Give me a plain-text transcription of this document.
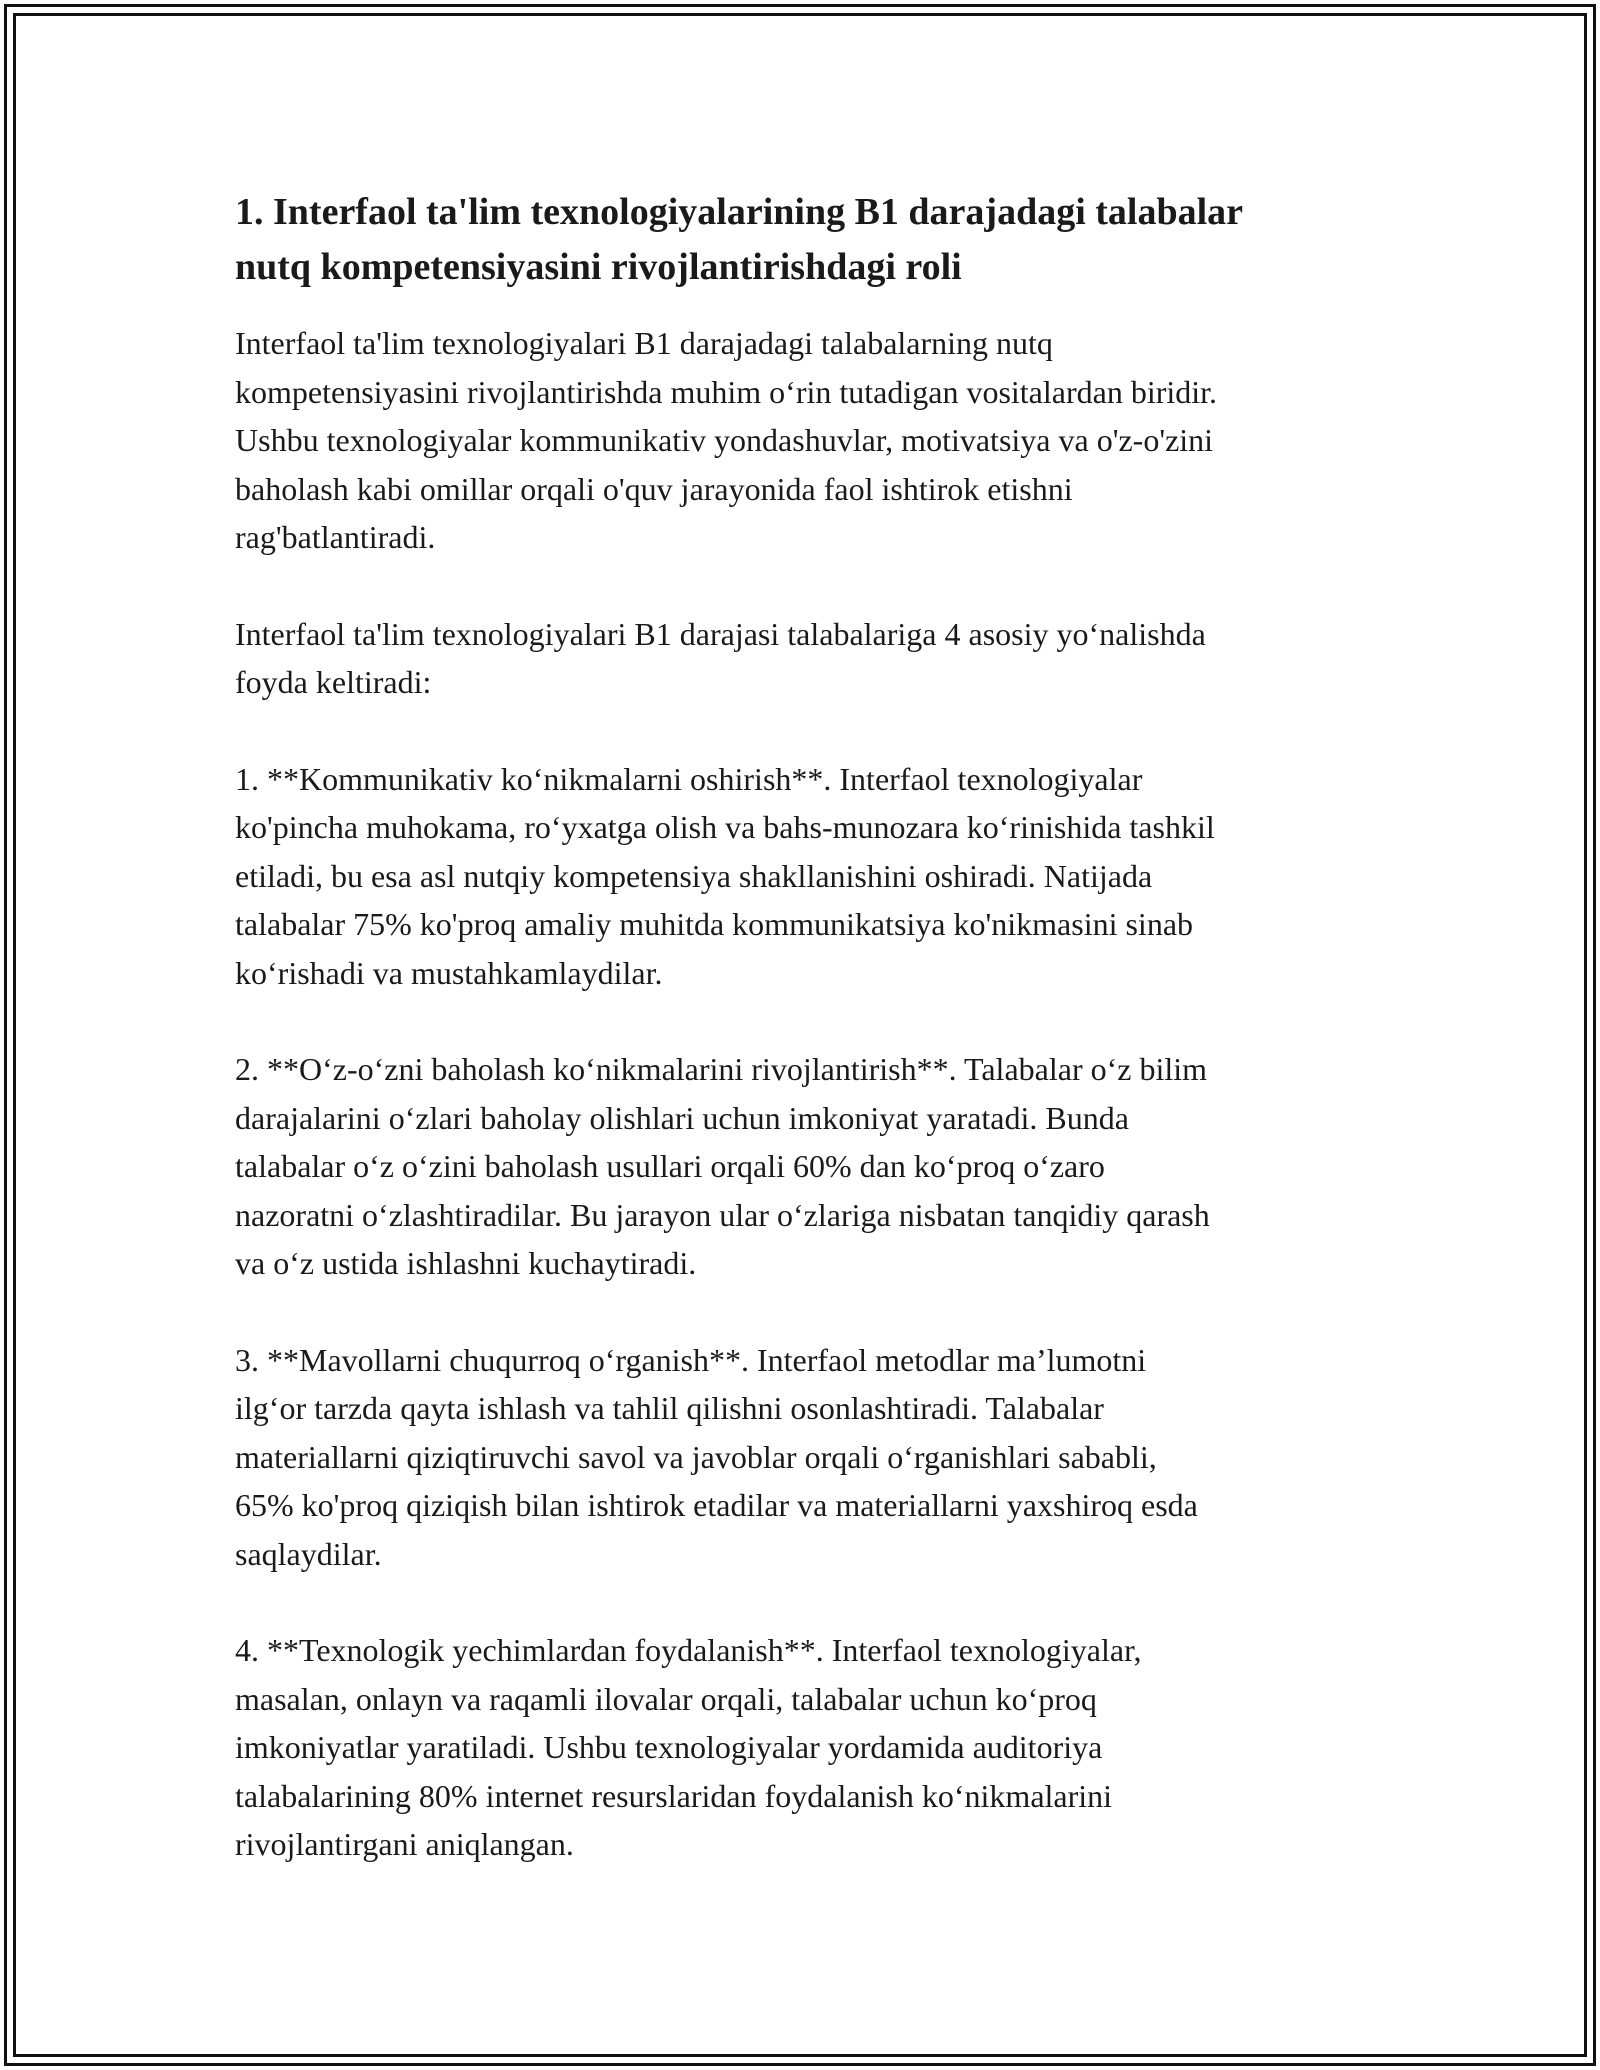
1. Interfaol ta'lim texnologiyalarining B1 darajadagi talabalar
nutq kompetensiyasini rivojlantirishdagi roli

Interfaol ta'lim texnologiyalari B1 darajadagi talabalarning nutq
kompetensiyasini rivojlantirishda muhim o‘rin tutadigan vositalardan biridir.
Ushbu texnologiyalar kommunikativ yondashuvlar, motivatsiya va o'z-o'zini
baholash kabi omillar orqali o'quv jarayonida faol ishtirok etishni
rag'batlantiradi.

Interfaol ta'lim texnologiyalari B1 darajasi talabalariga 4 asosiy yo‘nalishda
foyda keltiradi:

1. **Kommunikativ ko‘nikmalarni oshirish**. Interfaol texnologiyalar
ko'pincha muhokama, ro‘yxatga olish va bahs-munozara ko‘rinishida tashkil
etiladi, bu esa asl nutqiy kompetensiya shakllanishini oshiradi. Natijada
talabalar 75% ko'proq amaliy muhitda kommunikatsiya ko'nikmasini sinab
ko‘rishadi va mustahkamlaydilar.

2. **O‘z-o‘zni baholash ko‘nikmalarini rivojlantirish**. Talabalar o‘z bilim
darajalarini o‘zlari baholay olishlari uchun imkoniyat yaratadi. Bunda
talabalar o‘z o‘zini baholash usullari orqali 60% dan ko‘proq o‘zaro
nazoratni o‘zlashtiradilar. Bu jarayon ular o‘zlariga nisbatan tanqidiy qarash
va o‘z ustida ishlashni kuchaytiradi.

3. **Mavollarni chuqurroq o‘rganish**. Interfaol metodlar ma’lumotni
ilg‘or tarzda qayta ishlash va tahlil qilishni osonlashtiradi. Talabalar
materiallarni qiziqtiruvchi savol va javoblar orqali o‘rganishlari sababli,
65% ko'proq qiziqish bilan ishtirok etadilar va materiallarni yaxshiroq esda
saqlaydilar.

4. **Texnologik yechimlardan foydalanish**. Interfaol texnologiyalar,
masalan, onlayn va raqamli ilovalar orqali, talabalar uchun ko‘proq
imkoniyatlar yaratiladi. Ushbu texnologiyalar yordamida auditoriya
talabalarining 80% internet resurslaridan foydalanish ko‘nikmalarini
rivojlantirgani aniqlangan.
